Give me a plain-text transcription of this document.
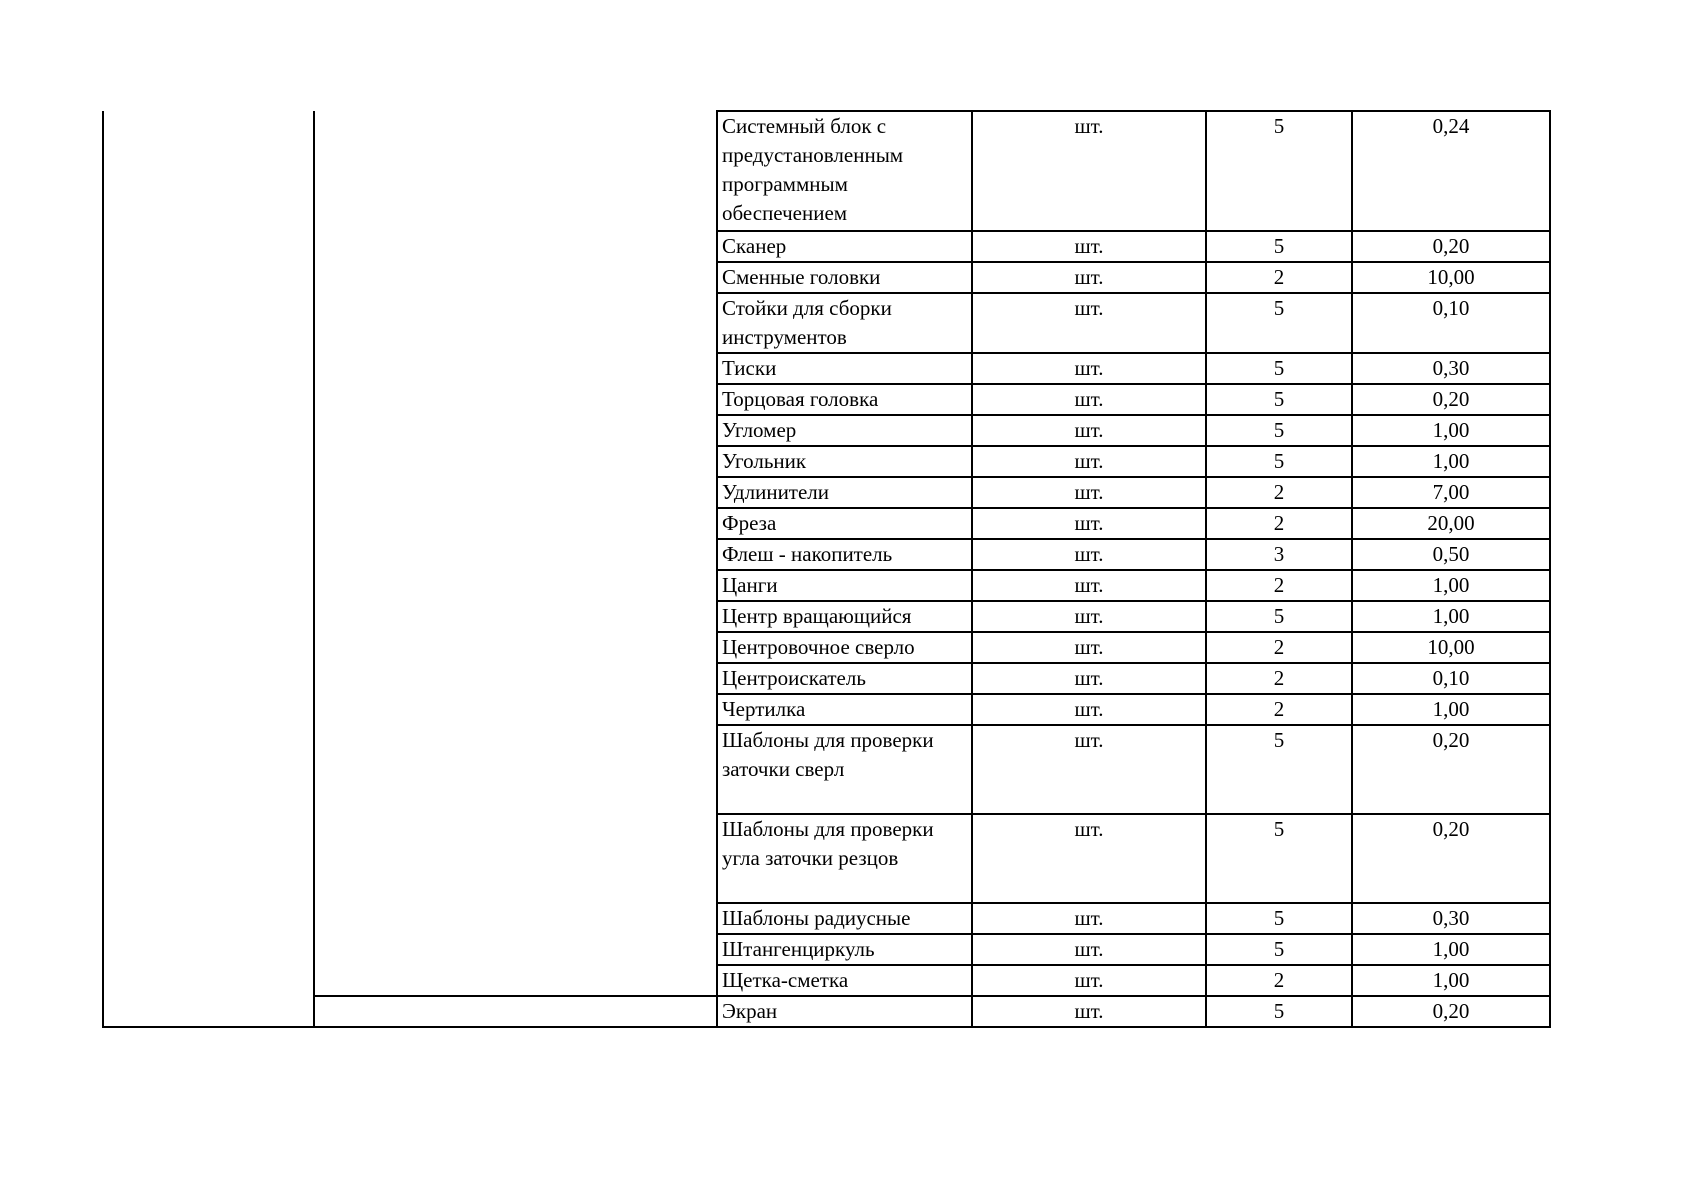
		Системный блок с предустановленным программным обеспечением	шт.	5	0,24
		Сканер	шт.	5	0,20
		Сменные головки	шт.	2	10,00
		Стойки для сборки инструментов	шт.	5	0,10
		Тиски	шт.	5	0,30
		Торцовая головка	шт.	5	0,20
		Угломер	шт.	5	1,00
		Угольник	шт.	5	1,00
		Удлинители	шт.	2	7,00
		Фреза	шт.	2	20,00
		Флеш - накопитель	шт.	3	0,50
		Цанги	шт.	2	1,00
		Центр вращающийся	шт.	5	1,00
		Центровочное сверло	шт.	2	10,00
		Центроискатель	шт.	2	0,10
		Чертилка	шт.	2	1,00
		Шаблоны для проверки заточки сверл	шт.	5	0,20
		Шаблоны для проверки угла заточки резцов	шт.	5	0,20
		Шаблоны радиусные	шт.	5	0,30
		Штангенциркуль	шт.	5	1,00
		Щетка-сметка	шт.	2	1,00
		Экран	шт.	5	0,20
